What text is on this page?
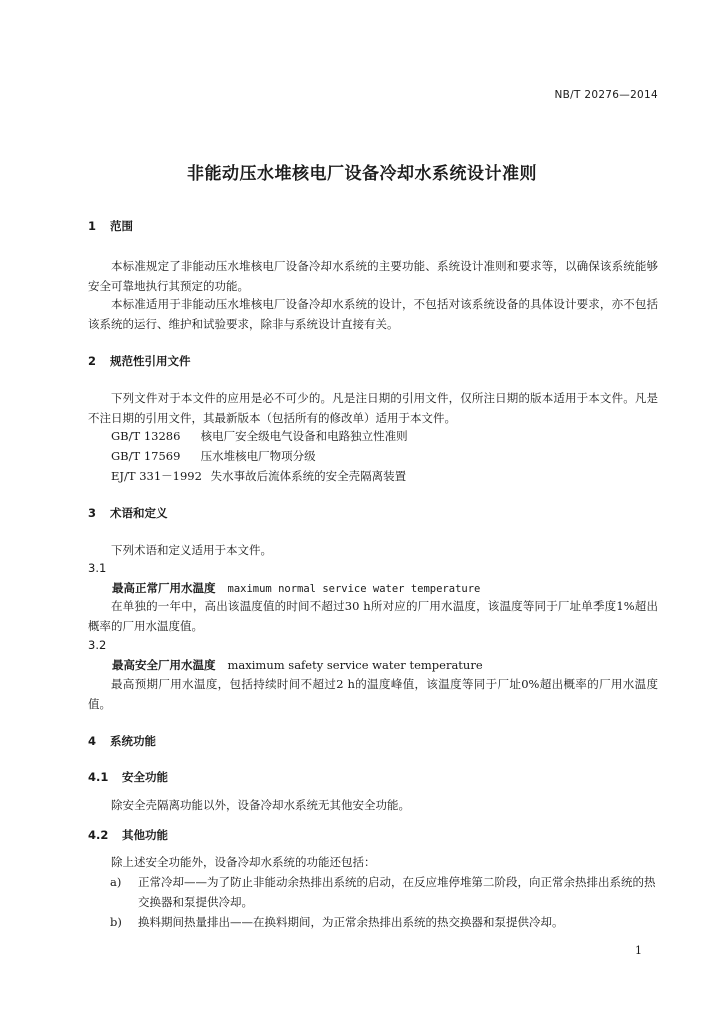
NB/T 20276—2014
非能动压水堆核电厂设备冷却水系统设计准则
1 范围
本标准规定了非能动压水堆核电厂设备冷却水系统的主要功能、系统设计准则和要求等，以确保该系统能够安全可靠地执行其预定的功能。
本标准适用于非能动压水堆核电厂设备冷却水系统的设计，不包括对该系统设备的具体设计要求，亦不包括该系统的运行、维护和试验要求，除非与系统设计直接有关。
2 规范性引用文件
下列文件对于本文件的应用是必不可少的。凡是注日期的引用文件，仅所注日期的版本适用于本文件。凡是不注日期的引用文件，其最新版本（包括所有的修改单）适用于本文件。
GB/T 13286 核电厂安全级电气设备和电路独立性准则
GB/T 17569 压水堆核电厂物项分级
EJ/T 331－1992 失水事故后流体系统的安全壳隔离装置
3 术语和定义
下列术语和定义适用于本文件。
3.1
最高正常厂用水温度 maximum normal service water temperature
在单独的一年中，高出该温度值的时间不超过30 h所对应的厂用水温度，该温度等同于厂址单季度1%超出概率的厂用水温度值。
3.2
最高安全厂用水温度 maximum safety service water temperature
最高预期厂用水温度，包括持续时间不超过2 h的温度峰值，该温度等同于厂址0%超出概率的厂用水温度值。
4 系统功能
4.1 安全功能
除安全壳隔离功能以外，设备冷却水系统无其他安全功能。
4.2 其他功能
除上述安全功能外，设备冷却水系统的功能还包括：
a)	正常冷却——为了防止非能动余热排出系统的启动，在反应堆停堆第二阶段，向正常余热排出系统的热交换器和泵提供冷却。
b)	换料期间热量排出——在换料期间，为正常余热排出系统的热交换器和泵提供冷却。
1
